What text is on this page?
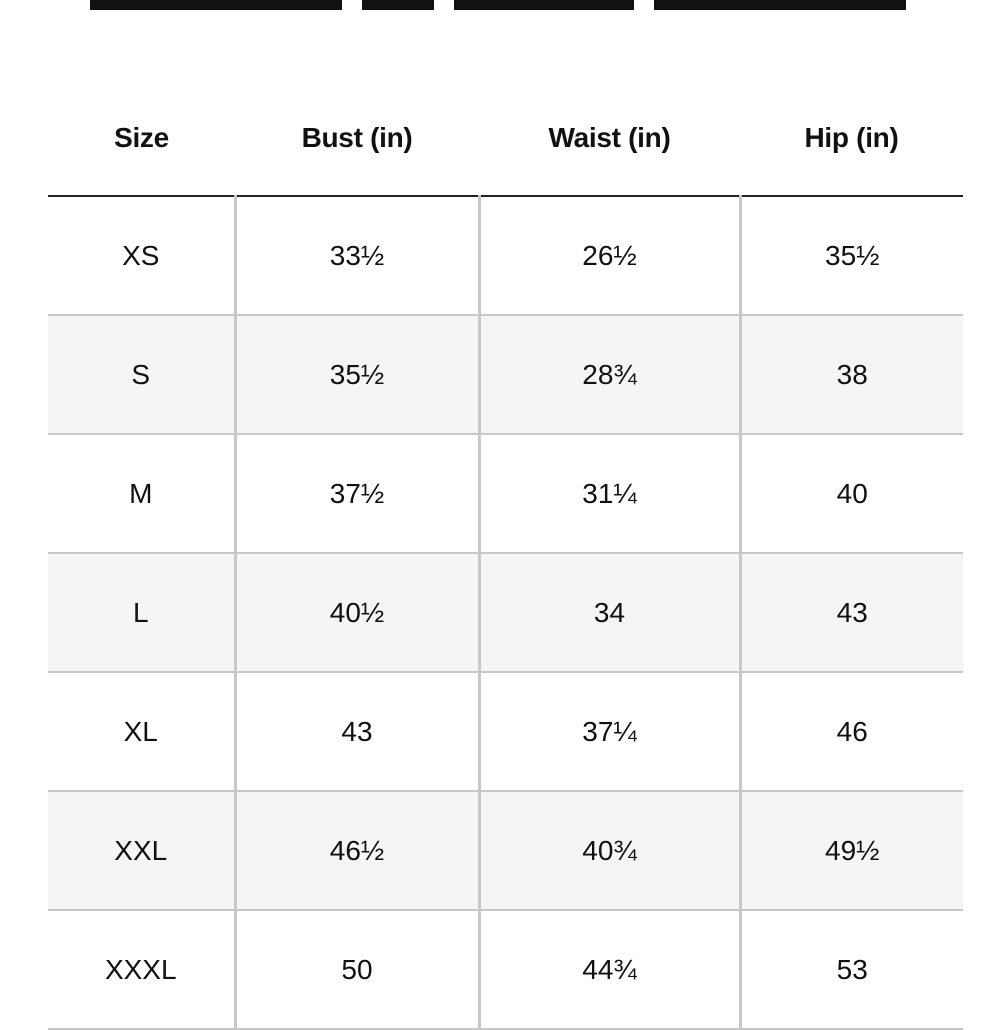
Size	Bust (in)	Waist (in)	Hip (in)
XS	33½	26½	35½
S	35½	28¾	38
M	37½	31¼	40
L	40½	34	43
XL	43	37¼	46
XXL	46½	40¾	49½
XXXL	50	44¾	53
